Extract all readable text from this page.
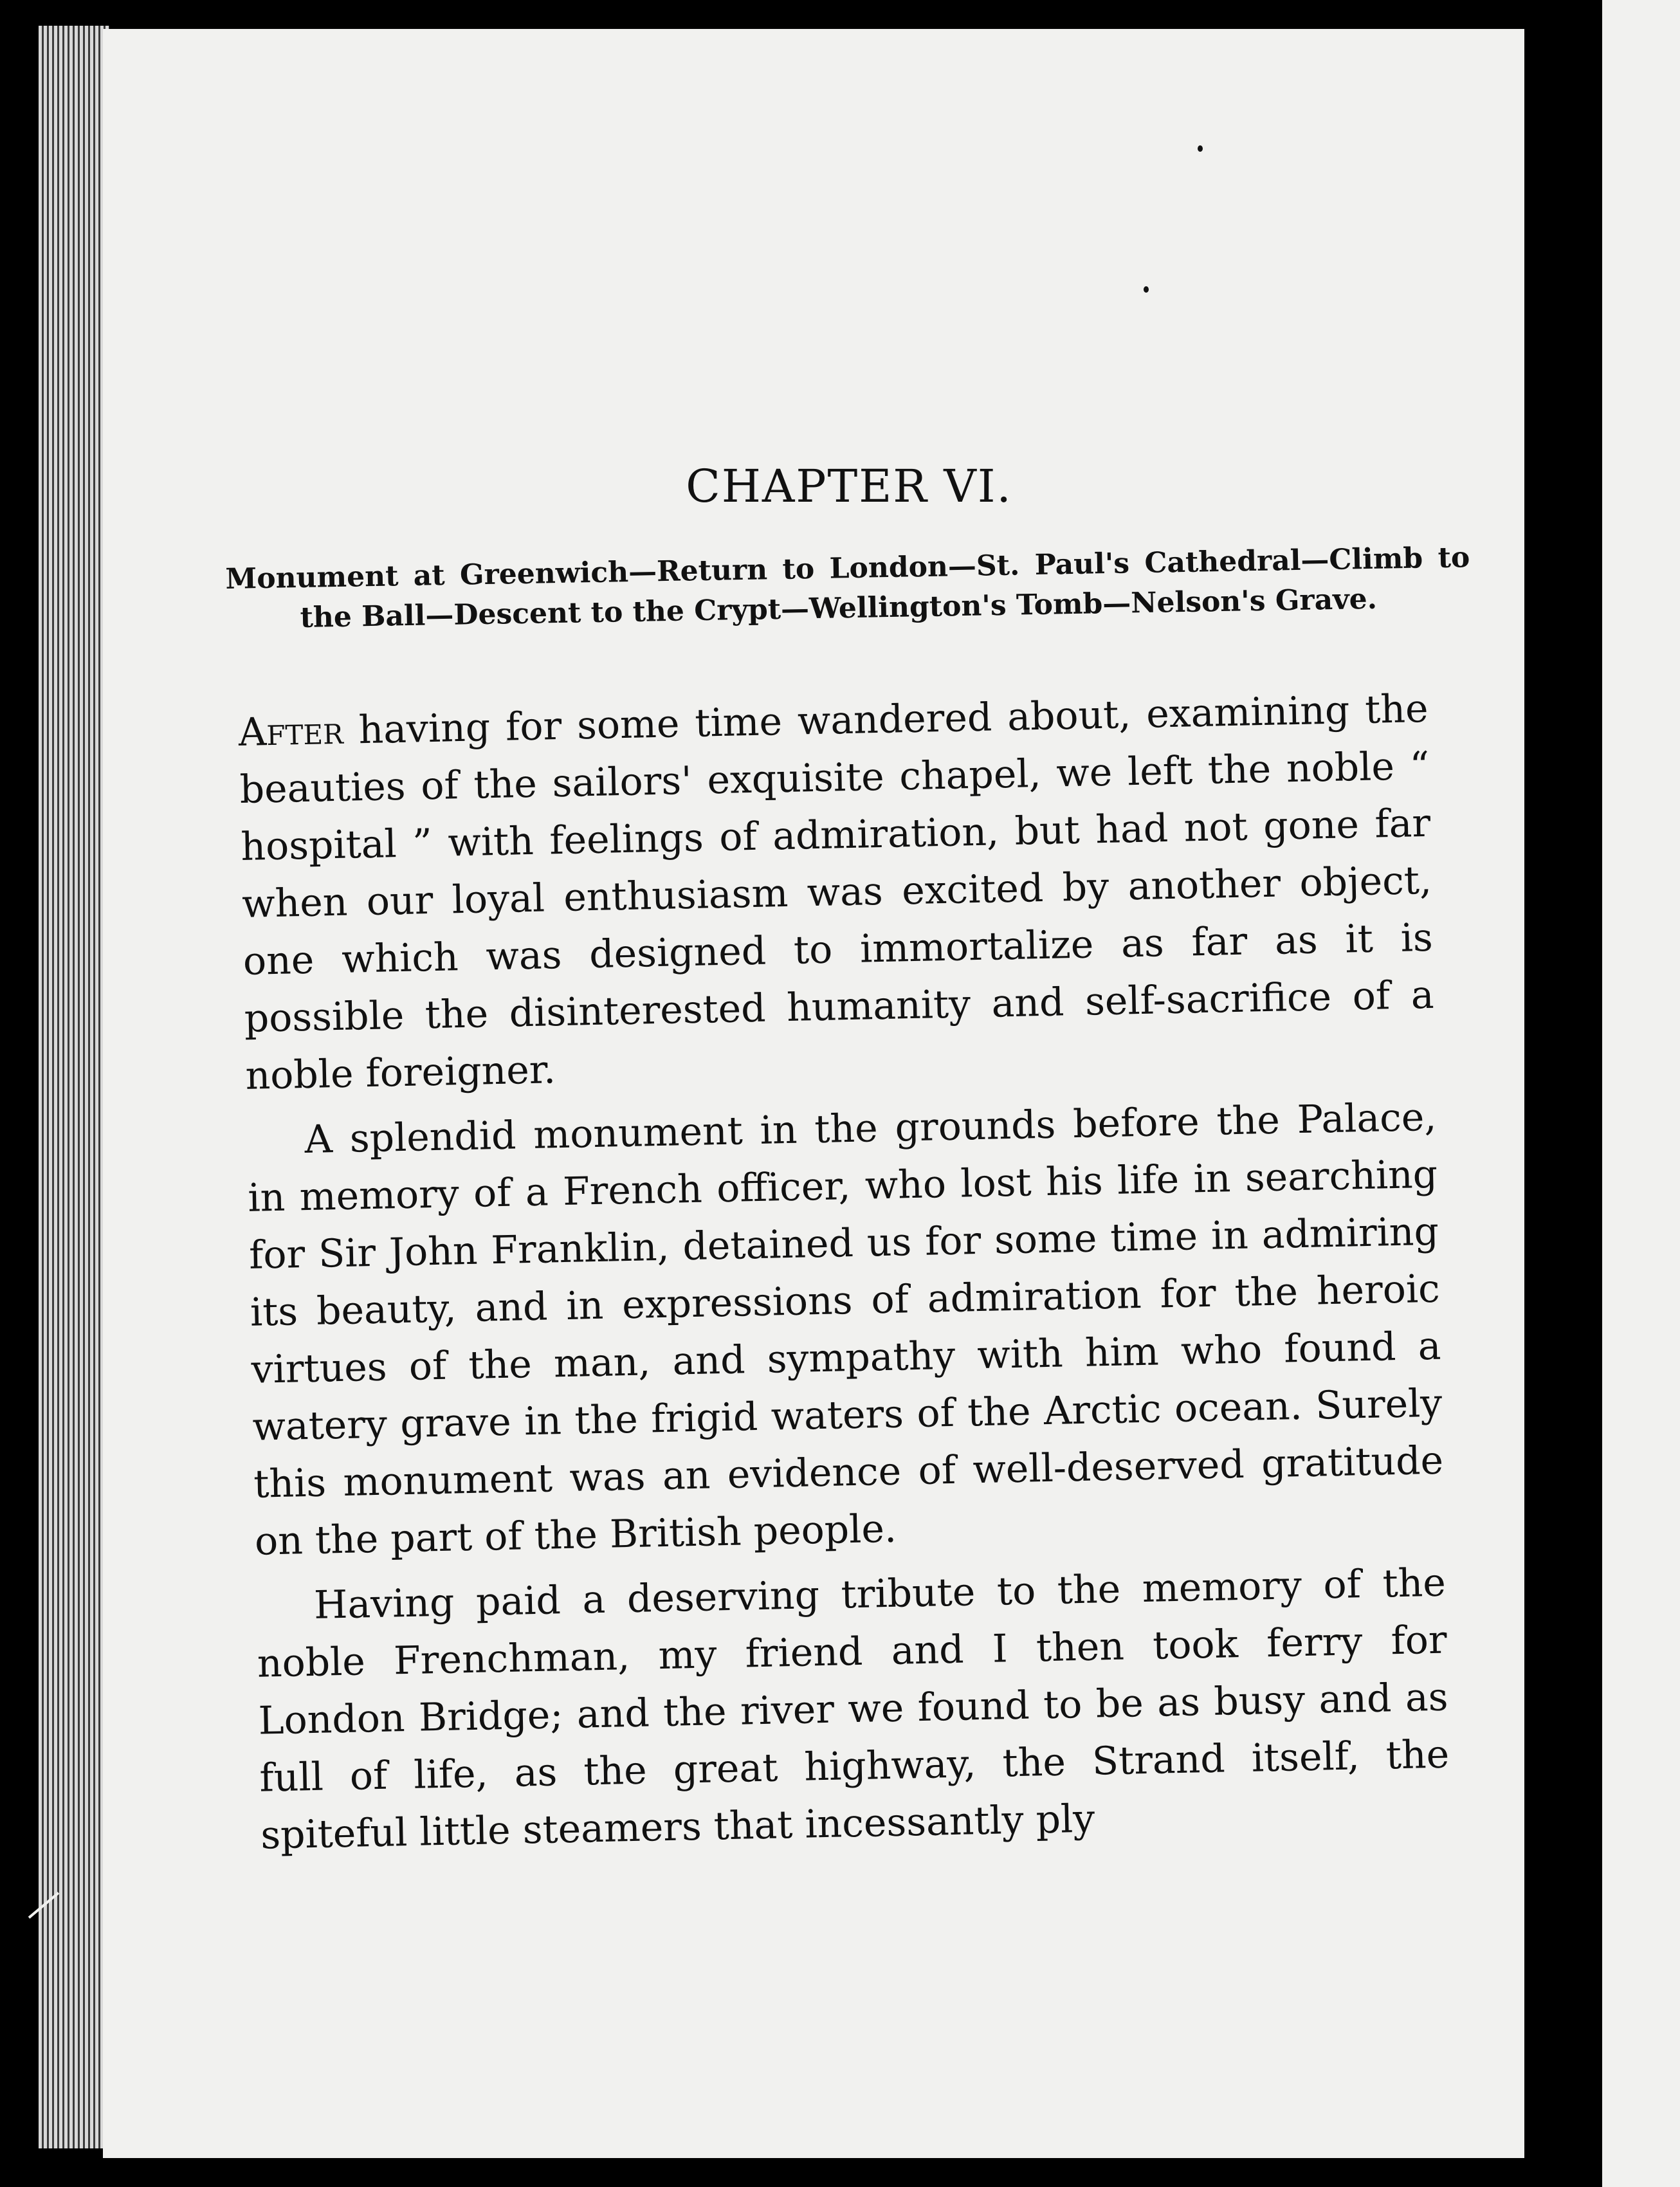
CHAPTER VI.

Monument at Greenwich—Return to London—St. Paul's Cathedral—Climb to the Ball—Descent to the Crypt—Wellington's Tomb—Nelson's Grave.

After having for some time wandered about, examining the beauties of the sailors' exquisite chapel, we left the noble “ hospital ” with feelings of admiration, but had not gone far when our loyal enthusiasm was excited by another object, one which was designed to immortalize as far as it is possible the disinterested humanity and self-sacrifice of a noble foreigner.

A splendid monument in the grounds before the Palace, in memory of a French officer, who lost his life in searching for Sir John Franklin, detained us for some time in admiring its beauty, and in expressions of admiration for the heroic virtues of the man, and sympathy with him who found a watery grave in the frigid waters of the Arctic ocean. Surely this monument was an evidence of well-deserved gratitude on the part of the British people.

Having paid a deserving tribute to the memory of the noble Frenchman, my friend and I then took ferry for London Bridge; and the river we found to be as busy and as full of life, as the great highway, the Strand itself, the spiteful little steamers that incessantly ply
